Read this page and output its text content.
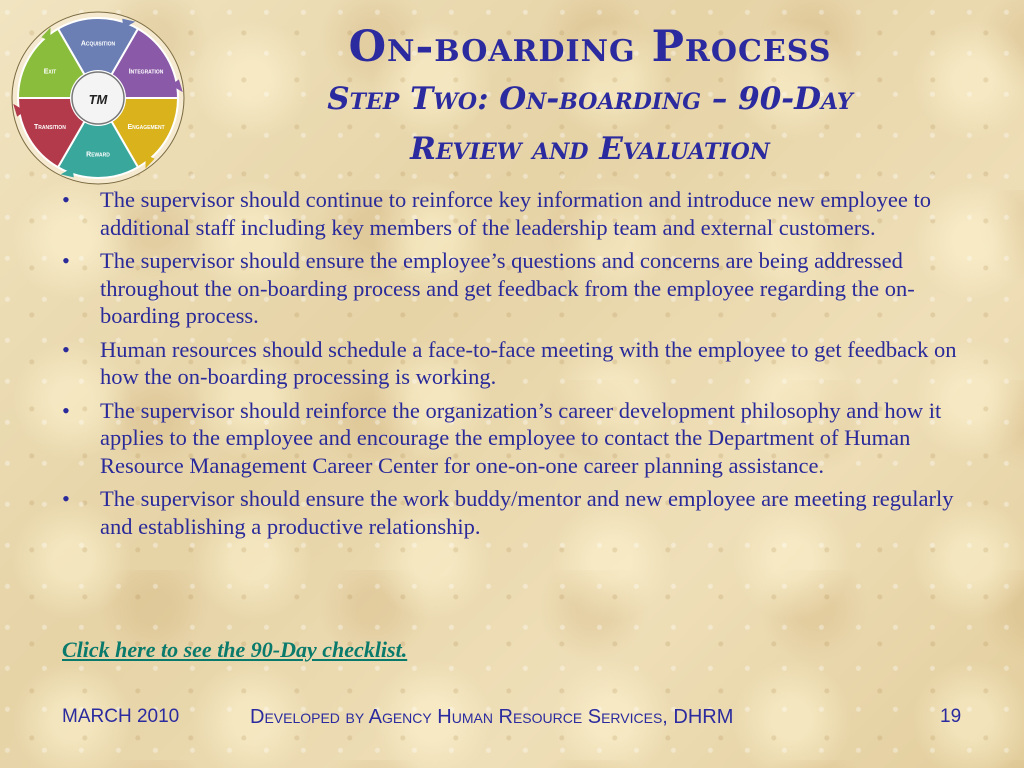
Acquisition
Integration
Engagement
Reward
Transition
Exit
TM
On-boarding Process
Step Two: On-boarding – 90-Day
Review and Evaluation
• The supervisor should continue to reinforce key information and introduce new employee to additional staff including key members of the leadership team and external customers.
• The supervisor should ensure the employee’s questions and concerns are being addressed throughout the on-boarding process and get feedback from the employee regarding the on-boarding process.
• Human resources should schedule a face-to-face meeting with the employee to get feedback on how the on-boarding processing is working.
• The supervisor should reinforce the organization’s career development philosophy and how it applies to the employee and encourage the employee to contact the Department of Human Resource Management Career Center for one-on-one career planning assistance.
• The supervisor should ensure the work buddy/mentor and new employee are meeting regularly and establishing a productive relationship.
Click here to see the 90-Day checklist.
MARCH 2010	Developed by Agency Human Resource Services, DHRM	19
